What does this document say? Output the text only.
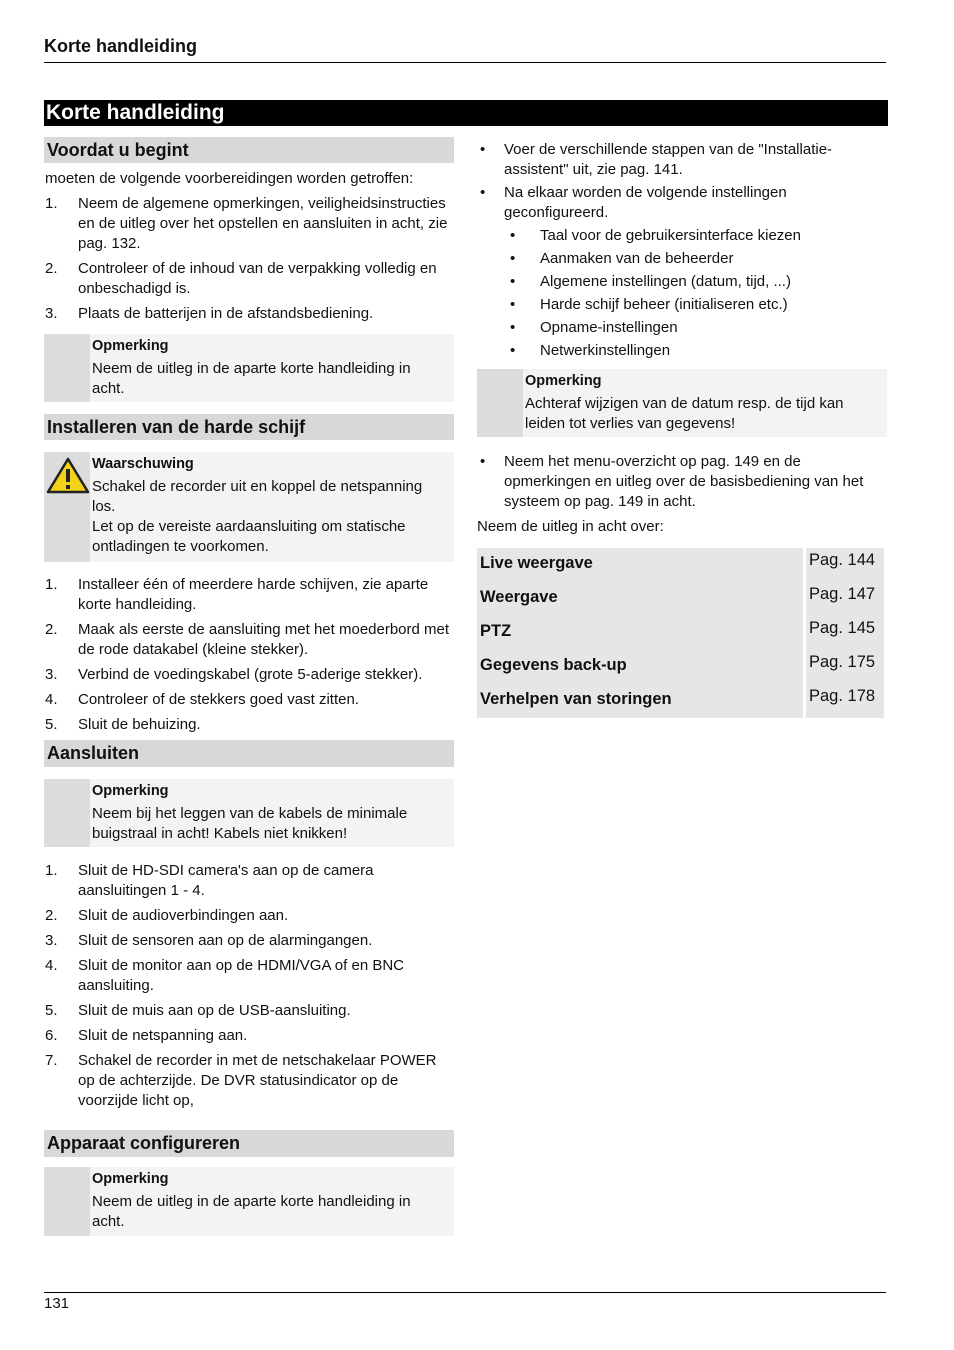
Korte handleiding
Korte handleiding
Voordat u begint
moeten de volgende voorbereidingen worden getroffen:
1. Neem de algemene opmerkingen, veiligheidsinstructies en de uitleg over het opstellen en aansluiten in acht, zie pag. 132.
2. Controleer of de inhoud van de verpakking volledig en onbeschadigd is.
3. Plaats de batterijen in de afstandsbediening.
Opmerking
Neem de uitleg in de aparte korte handleiding in acht.
Installeren van de harde schijf
Waarschuwing
Schakel de recorder uit en koppel de netspanning los.
Let op de vereiste aardaansluiting om statische ontladingen te voorkomen.
1. Installeer één of meerdere harde schijven, zie aparte korte handleiding.
2. Maak als eerste de aansluiting met het moederbord met de rode datakabel (kleine stekker).
3. Verbind de voedingskabel (grote 5-aderige stekker).
4. Controleer of de stekkers goed vast zitten.
5. Sluit de behuizing.
Aansluiten
Opmerking
Neem bij het leggen van de kabels de minimale buigstraal in acht! Kabels niet knikken!
1. Sluit de HD-SDI camera's aan op de camera aansluitingen 1 - 4.
2. Sluit de audioverbindingen aan.
3. Sluit de sensoren aan op de alarmingangen.
4. Sluit de monitor aan op de HDMI/VGA of en BNC aansluiting.
5. Sluit de muis aan op de USB-aansluiting.
6. Sluit de netspanning aan.
7. Schakel de recorder in met de netschakelaar POWER op de achterzijde. De DVR statusindicator op de voorzijde licht op,
Apparaat configureren
Opmerking
Neem de uitleg in de aparte korte handleiding in acht.
• Voer de verschillende stappen van de "Installatie-assistent" uit, zie pag. 141.
• Na elkaar worden de volgende instellingen geconfigureerd.
• Taal voor de gebruikersinterface kiezen
• Aanmaken van de beheerder
• Algemene instellingen (datum, tijd, ...)
• Harde schijf beheer (initialiseren etc.)
• Opname-instellingen
• Netwerkinstellingen
Opmerking
Achteraf wijzigen van de datum resp. de tijd kan leiden tot verlies van gegevens!
• Neem het menu-overzicht op pag. 149 en de opmerkingen en uitleg over de basisbediening van het systeem op pag. 149 in acht.
Neem de uitleg in acht over:
Live weergave		Pag. 144
Weergave		Pag. 147
PTZ		Pag. 145
Gegevens back-up		Pag. 175
Verhelpen van storingen		Pag. 178
131
